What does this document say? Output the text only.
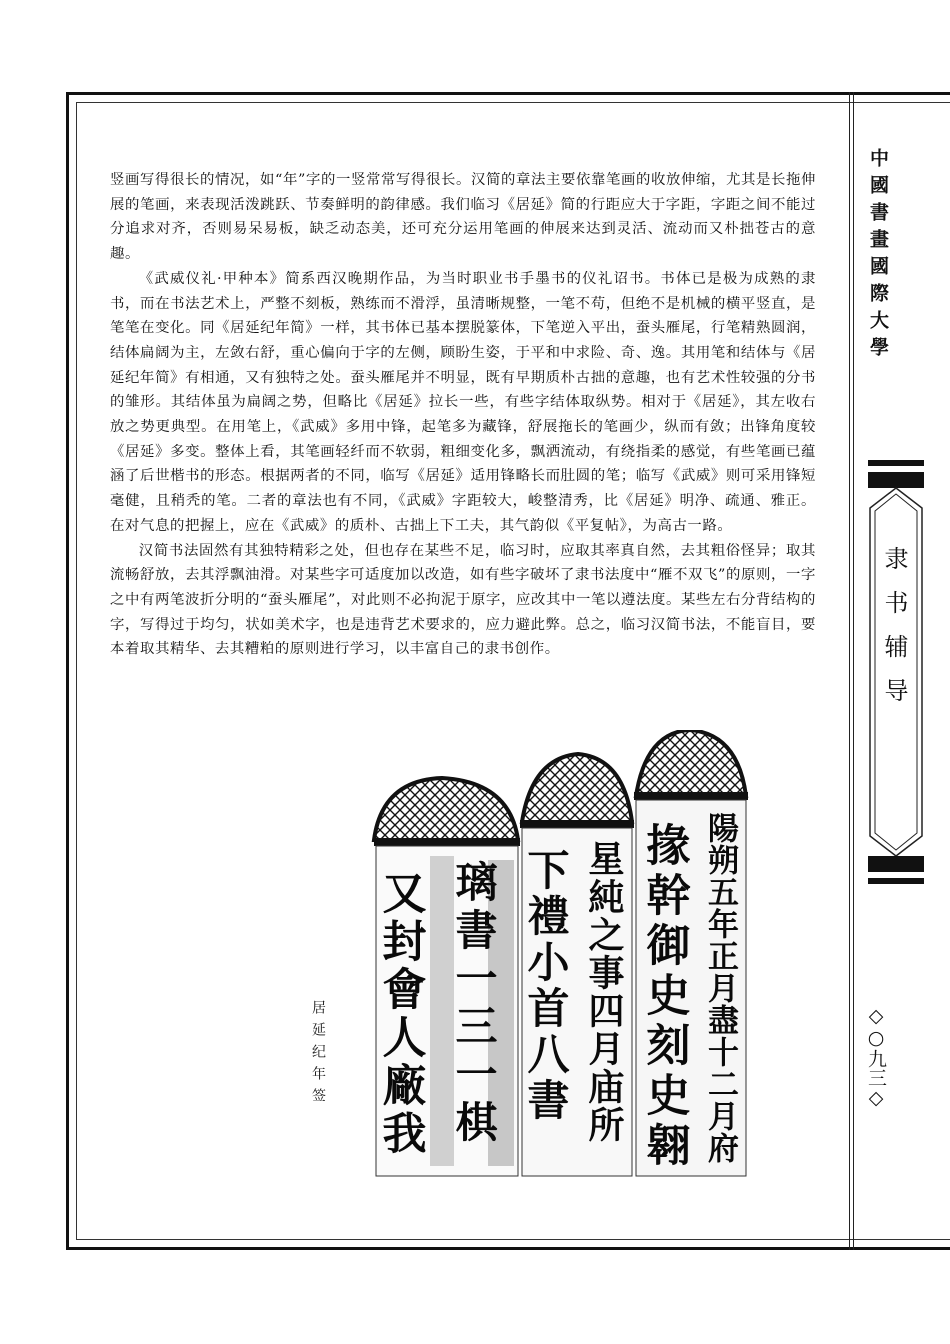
中國書畫國際大學
隶书辅导
◇○九三◇

竖画写得很长的情况，如“年”字的一竖常常写得很长。汉简的章法主要依靠笔画的收放伸缩，尤其是长拖伸展的笔画，来表现活泼跳跃、节奏鲜明的韵律感。我们临习《居延》简的行距应大于字距，字距之间不能过分追求对齐，否则易呆易板，缺乏动态美，还可充分运用笔画的伸展来达到灵活、流动而又朴拙苍古的意趣。

《武威仪礼·甲种本》简系西汉晚期作品，为当时职业书手墨书的仪礼诏书。书体已是极为成熟的隶书，而在书法艺术上，严整不刻板，熟练而不滑浮，虽清晰规整，一笔不苟，但绝不是机械的横平竖直，是笔笔在变化。同《居延纪年简》一样，其书体已基本摆脱篆体，下笔逆入平出，蚕头雁尾，行笔精熟圆润，结体扁阔为主，左敛右舒，重心偏向于字的左侧，顾盼生姿，于平和中求险、奇、逸。其用笔和结体与《居延纪年简》有相通，又有独特之处。蚕头雁尾并不明显，既有早期质朴古拙的意趣，也有艺术性较强的分书的雏形。其结体虽为扁阔之势，但略比《居延》拉长一些，有些字结体取纵势。相对于《居延》，其左收右放之势更典型。在用笔上，《武威》多用中锋，起笔多为藏锋，舒展拖长的笔画少，纵而有敛；出锋角度较《居延》多变。整体上看，其笔画轻纤而不软弱，粗细变化多，飘洒流动，有绕指柔的感觉，有些笔画已蕴涵了后世楷书的形态。根据两者的不同，临写《居延》适用锋略长而肚圆的笔；临写《武威》则可采用锋短毫健，且稍秃的笔。二者的章法也有不同，《武威》字距较大，峻整清秀，比《居延》明净、疏通、雅正。在对气息的把握上，应在《武威》的质朴、古拙上下工夫，其气韵似《平复帖》，为高古一路。

汉简书法固然有其独特精彩之处，但也存在某些不足，临习时，应取其率真自然，去其粗俗怪异；取其流畅舒放，去其浮飘油滑。对某些字可适度加以改造，如有些字破坏了隶书法度中“雁不双飞”的原则，一字之中有两笔波折分明的“蚕头雁尾”，对此则不必拘泥于原字，应改其中一笔以遵法度。某些左右分背结构的字，写得过于均匀，状如美术字，也是违背艺术要求的，应力避此弊。总之，临习汉简书法，不能盲目，要本着取其精华、去其糟粕的原则进行学习，以丰富自己的隶书创作。

居延纪年签 又封會人廠我 璃書一三一棋 下禮小首八書 星純之事四月庙所 陽朔五年正月盡十二月府
掾幹御史刻史翱
